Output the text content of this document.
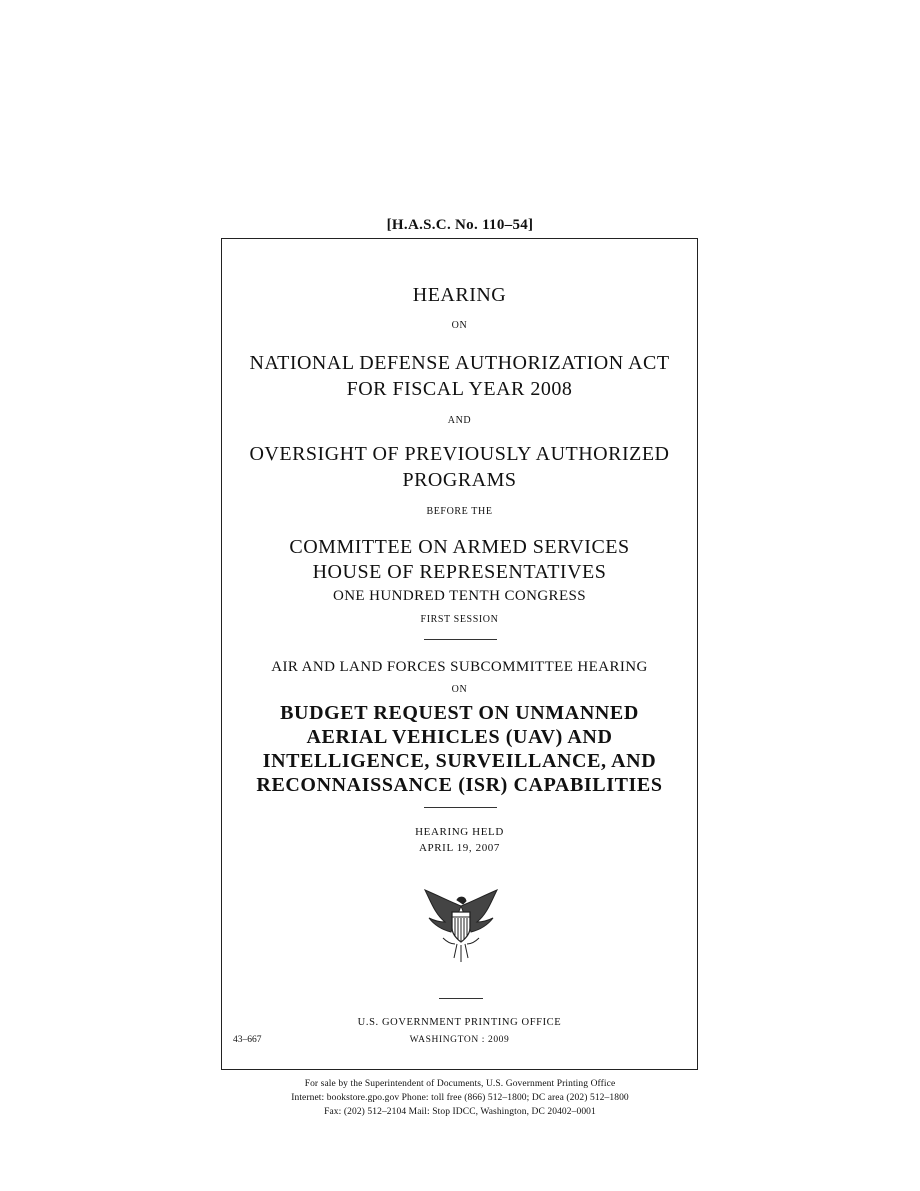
[H.A.S.C. No. 110–54]
HEARING
ON
NATIONAL DEFENSE AUTHORIZATION ACT
FOR FISCAL YEAR 2008
AND
OVERSIGHT OF PREVIOUSLY AUTHORIZED
PROGRAMS
BEFORE THE
COMMITTEE ON ARMED SERVICES
HOUSE OF REPRESENTATIVES
ONE HUNDRED TENTH CONGRESS
FIRST SESSION
AIR AND LAND FORCES SUBCOMMITTEE HEARING
ON
BUDGET REQUEST ON UNMANNED
AERIAL VEHICLES (UAV) AND
INTELLIGENCE, SURVEILLANCE, AND
RECONNAISSANCE (ISR) CAPABILITIES
HEARING HELD
APRIL 19, 2007
U.S. GOVERNMENT PRINTING OFFICE
43–667	WASHINGTON : 2009
For sale by the Superintendent of Documents, U.S. Government Printing Office
Internet: bookstore.gpo.gov Phone: toll free (866) 512–1800; DC area (202) 512–1800
Fax: (202) 512–2104 Mail: Stop IDCC, Washington, DC 20402–0001
